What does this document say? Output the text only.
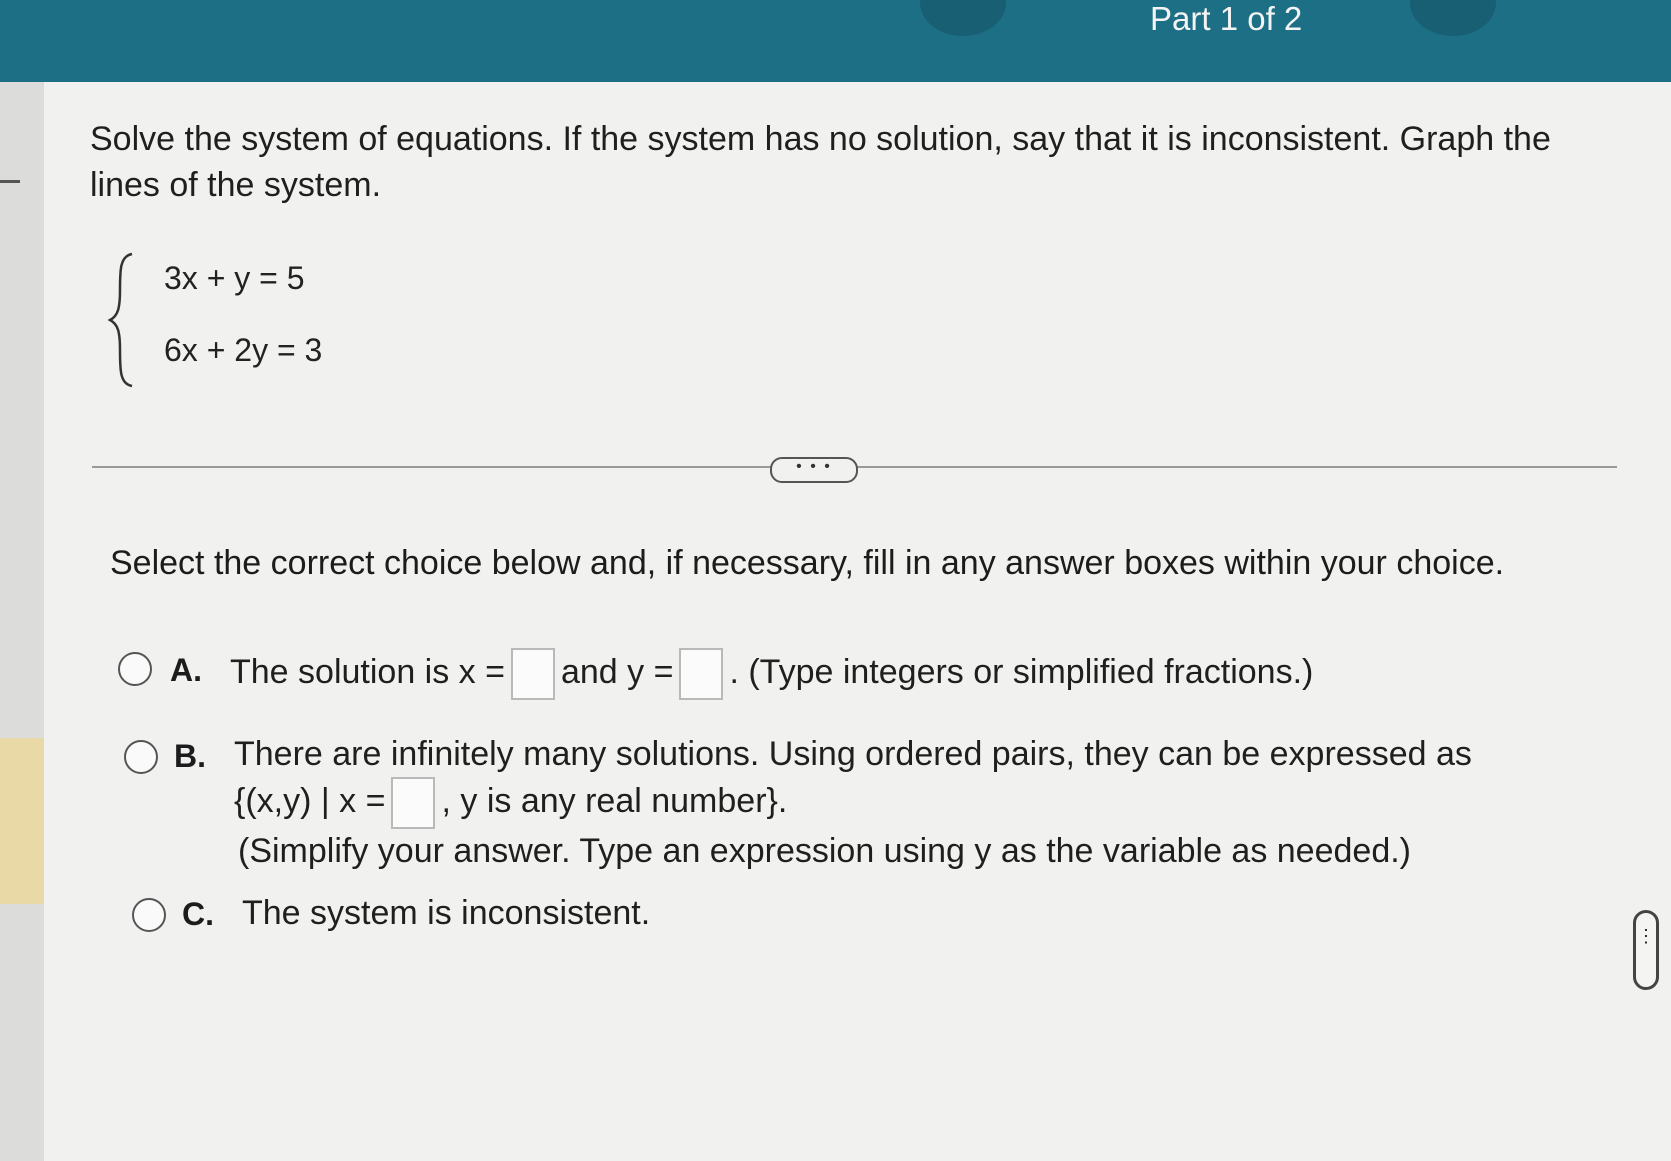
Part 1 of 2
Solve the system of equations. If the system has no solution, say that it is inconsistent. Graph the lines of the system.
3x + y = 5
6x + 2y = 3
• • •
Select the correct choice below and, if necessary, fill in any answer boxes within your choice.
A. The solution is x = and y = . (Type integers or simplified fractions.)
B. There are infinitely many solutions. Using ordered pairs, they can be expressed as
{(x,y) | x = , y is any real number}.
(Simplify your answer. Type an expression using y as the variable as needed.)
C. The system is inconsistent.
⋮
